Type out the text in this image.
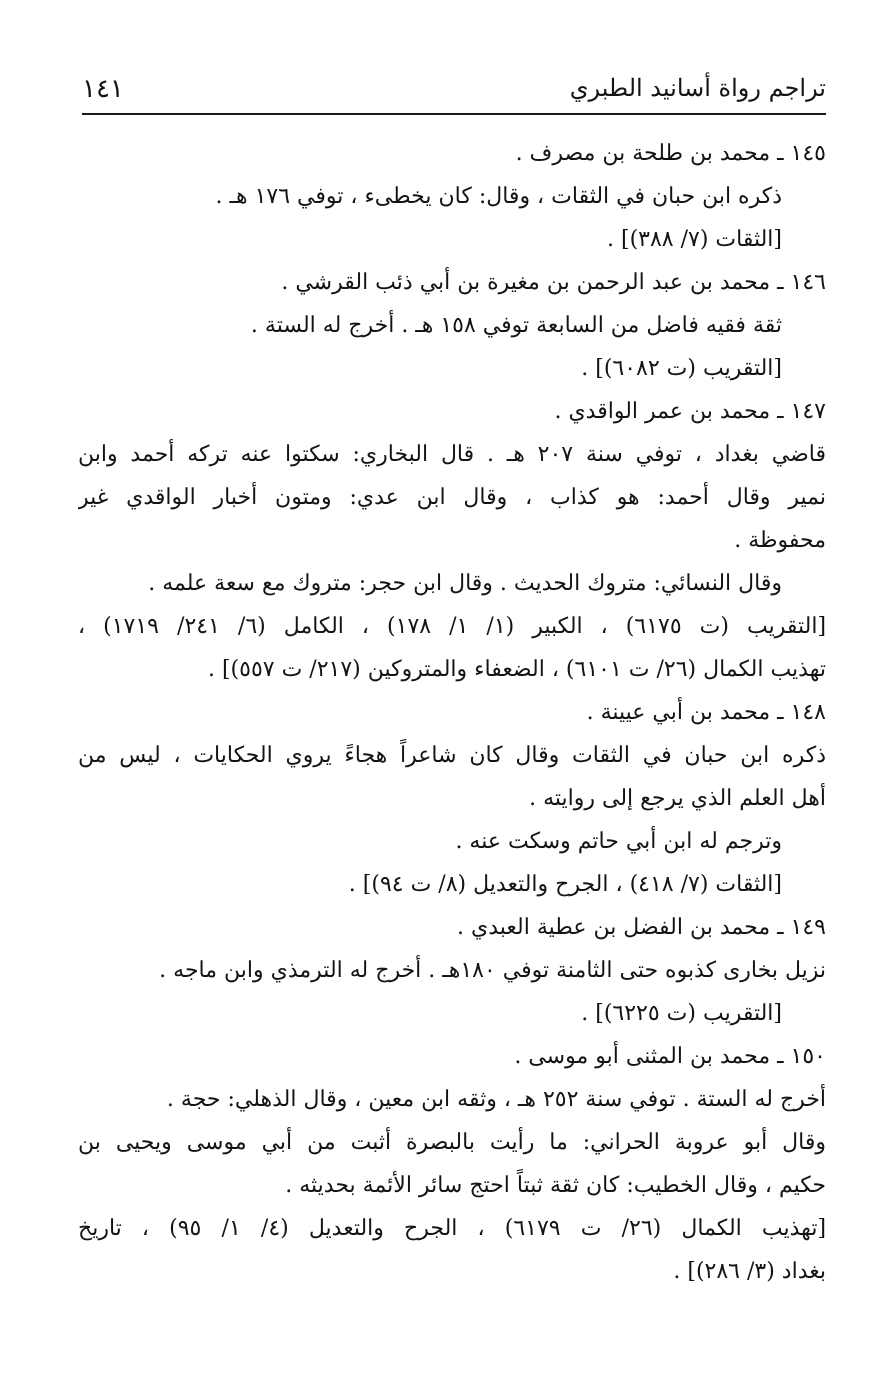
تراجم رواة أسانيد الطبري
١٤١
١٤٥ ـ محمد بن طلحة بن مصرف .
ذكره ابن حبان في الثقات ، وقال: كان يخطىء ، توفي ١٧٦ هـ .
[الثقات (٧/ ٣٨٨)] .
١٤٦ ـ محمد بن عبد الرحمن بن مغيرة بن أبي ذئب القرشي .
ثقة فقيه فاضل من السابعة توفي ١٥٨ هـ . أخرج له الستة .
[التقريب (ت ٦٠٨٢)] .
١٤٧ ـ محمد بن عمر الواقدي .
قاضي بغداد ، توفي سنة ٢٠٧ هـ . قال البخاري: سكتوا عنه تركه أحمد وابن
نمير وقال أحمد: هو كذاب ، وقال ابن عدي: ومتون أخبار الواقدي غير
محفوظة .
وقال النسائي: متروك الحديث . وقال ابن حجر: متروك مع سعة علمه .
[التقريب (ت ٦١٧٥) ، الكبير (١/ ١/ ١٧٨) ، الكامل (٦/ ٢٤١/ ١٧١٩) ،
تهذيب الكمال (٢٦/ ت ٦١٠١) ، الضعفاء والمتروكين (٢١٧/ ت ٥٥٧)] .
١٤٨ ـ محمد بن أبي عيينة .
ذكره ابن حبان في الثقات وقال كان شاعراً هجاءً يروي الحكايات ، ليس من
أهل العلم الذي يرجع إلى روايته .
وترجم له ابن أبي حاتم وسكت عنه .
[الثقات (٧/ ٤١٨) ، الجرح والتعديل (٨/ ت ٩٤)] .
١٤٩ ـ محمد بن الفضل بن عطية العبدي .
نزيل بخارى كذبوه حتى الثامنة توفي ١٨٠هـ . أخرج له الترمذي وابن ماجه .
[التقريب (ت ٦٢٢٥)] .
١٥٠ ـ محمد بن المثنى أبو موسى .
أخرج له الستة . توفي سنة ٢٥٢ هـ ، وثقه ابن معين ، وقال الذهلي: حجة .
وقال أبو عروبة الحراني: ما رأيت بالبصرة أثبت من أبي موسى ويحيى بن
حكيم ، وقال الخطيب: كان ثقة ثبتاً احتج سائر الأئمة بحديثه .
[تهذيب الكمال (٢٦/ ت ٦١٧٩) ، الجرح والتعديل (٤/ ١/ ٩٥) ، تاريخ
بغداد (٣/ ٢٨٦)] .
